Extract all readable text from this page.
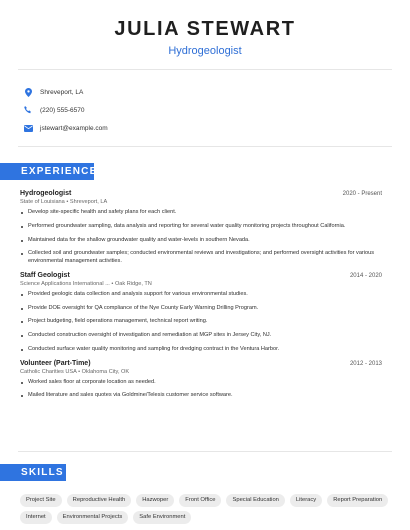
JULIA STEWART
Hydrogeologist
Shreveport, LA
(220) 555-6570
jstewart@example.com
EXPERIENCE
Hydrogeologist	2020 - Present
State of Louisiana • Shreveport, LA
Develop site-specific health and safety plans for each client.
Performed groundwater sampling, data analysis and reporting for several water quality monitoring projects throughout California.
Maintained data for the shallow groundwater quality and water-levels in southern Nevada.
Collected soil and groundwater samples; conducted environmental reviews and investigations; and performed oversight activities for various environmental management activities.
Staff Geologist	2014 - 2020
Science Applications International ... • Oak Ridge, TN
Provided geologic data collection and analysis support for various environmental studies.
Provide DOE oversight for QA compliance of the Nye County Early Warning Drilling Program.
Project budgeting, field operations management, technical report writing.
Conducted construction oversight of investigation and remediation at MGP sites in Jersey City, NJ.
Conducted surface water quality monitoring and sampling for dredging contract in the Ventura Harbor.
Volunteer (Part-Time)	2012 - 2013
Catholic Charities USA • Oklahoma City, OK
Worked sales floor at corporate location as needed.
Mailed literature and sales quotes via Goldmine/Telesis customer service software.
SKILLS
Project Site	Reproductive Health	Hazwoper	Front Office	Special Education	Literacy	Report Preparation
Internet	Environmental Projects	Safe Environment
